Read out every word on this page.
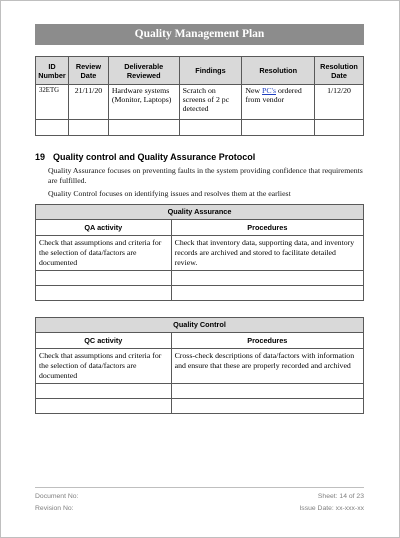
Quality Management Plan
ID Number	Review Date	Deliverable Reviewed	Findings	Resolution	Resolution Date
32ETG	21/11/20	Hardware systems (Monitor, Laptops)	Scratch on screens of 2 pc detected	New PC's ordered from vendor	1/12/20

19 Quality control and Quality Assurance Protocol
Quality Assurance focuses on preventing faults in the system providing confidence that requirements are fulfilled.
Quality Control focuses on identifying issues and resolves them at the earliest
Quality Assurance	
QA activity	Procedures
Check that assumptions and criteria for the selection of data/factors are documented	Check that inventory data, supporting data, and inventory records are archived and stored to facilitate detailed review.

Quality Control	
QC activity	Procedures
Check that assumptions and criteria for the selection of data/factors are documented	Cross-check descriptions of data/factors with information and ensure that these are properly recorded and archived

Document No:	Sheet: 14 of 23
Revision No:	Issue Date: xx-xxx-xx
